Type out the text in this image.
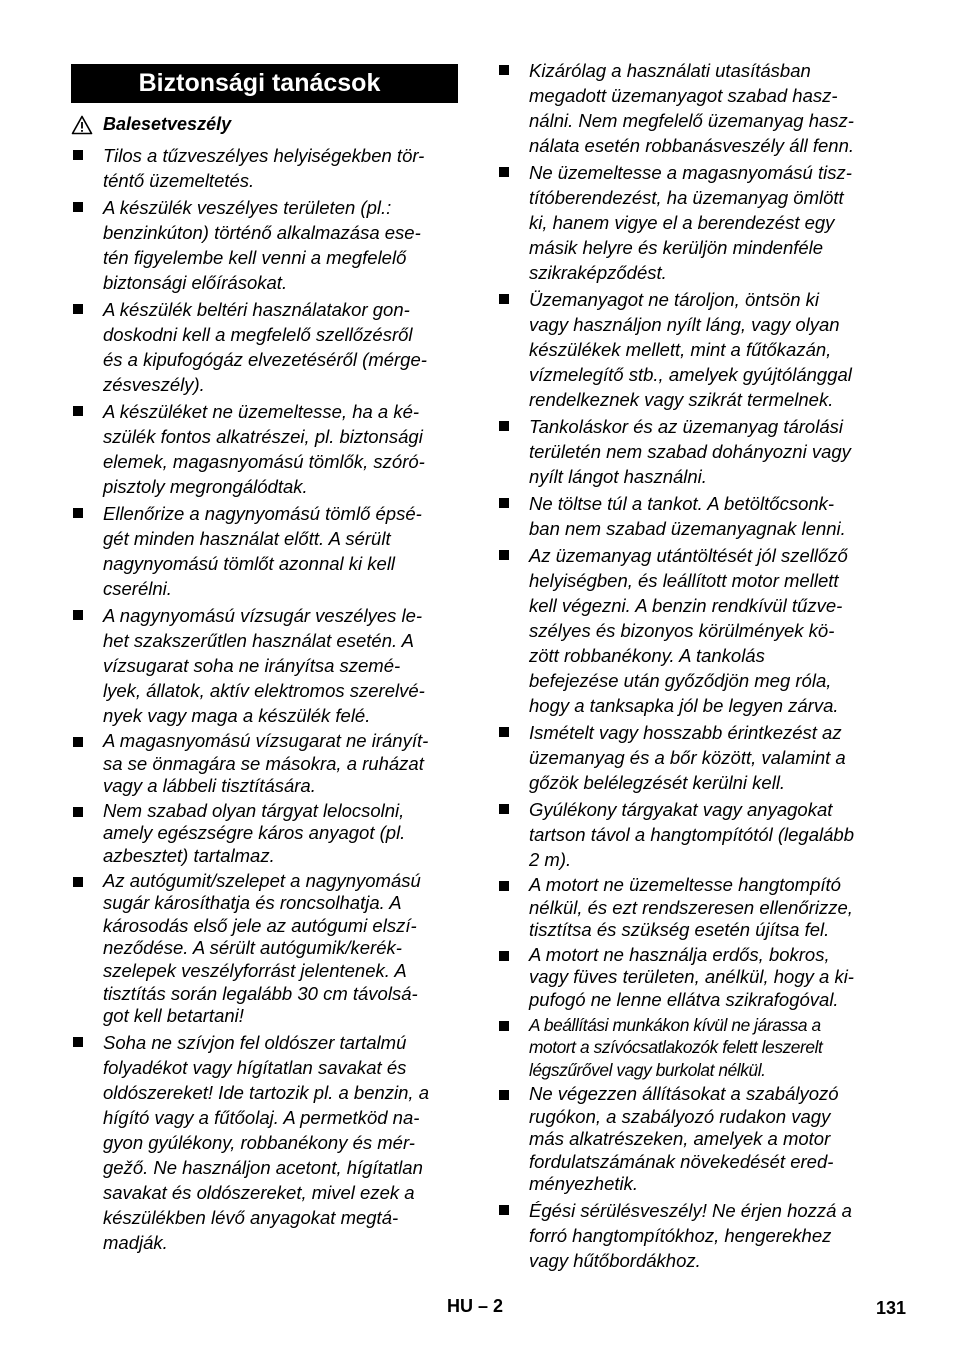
Biztonsági tanácsok
Balesetveszély
Tilos a tűzveszélyes helyiségekben tör-
téntő üzemeltetés.
A készülék veszélyes területen (pl.:
benzinkúton) történő alkalmazása ese-
tén figyelembe kell venni a megfelelő
biztonsági előírásokat.
A készülék beltéri használatakor gon-
doskodni kell a megfelelő szellőzésről
és a kipufogógáz elvezetéséről (mérge-
zésveszély).
A készüléket ne üzemeltesse, ha a ké-
szülék fontos alkatrészei, pl. biztonsági
elemek, magasnyomású tömlők, szóró-
pisztoly megrongálódtak.
Ellenőrize a nagynyomású tömlő épsé-
gét minden használat előtt. A sérült
nagynyomású tömlőt azonnal ki kell
cserélni.
A nagynyomású vízsugár veszélyes le-
het szakszerűtlen használat esetén. A
vízsugarat soha ne irányítsa szemé-
lyek, állatok, aktív elektromos szerelvé-
nyek vagy maga a készülék felé.
A magasnyomású vízsugarat ne irányít-
sa se önmagára se másokra, a ruházat
vagy a lábbeli tisztítására.
Nem szabad olyan tárgyat lelocsolni,
amely egészségre káros anyagot (pl.
azbesztet) tartalmaz.
Az autógumit/szelepet a nagynyomású
sugár károsíthatja és roncsolhatja. A
károsodás első jele az autógumi elszí-
neződése. A sérült autógumik/kerék-
szelepek veszélyforrást jelentenek. A
tisztítás során legalább 30 cm távolsá-
got kell betartani!
Soha ne szívjon fel oldószer tartalmú
folyadékot vagy hígítatlan savakat és
oldószereket! Ide tartozik pl. a benzin, a
hígító vagy a fűtőolaj. A permetköd na-
gyon gyúlékony, robbanékony és mér-
gežő. Ne használjon acetont, hígítatlan
savakat és oldószereket, mivel ezek a
készülékben lévő anyagokat megtá-
madják.
Kizárólag a használati utasításban
megadott üzemanyagot szabad hasz-
nálni. Nem megfelelő üzemanyag hasz-
nálata esetén robbanásveszély áll fenn.
Ne üzemeltesse a magasnyomású tisz-
títóberendezést, ha üzemanyag ömlött
ki, hanem vigye el a berendezést egy
másik helyre és kerüljön mindenféle
szikraképződést.
Üzemanyagot ne tároljon, öntsön ki
vagy használjon nyílt láng, vagy olyan
készülékek mellett, mint a fűtőkazán,
vízmelegítő stb., amelyek gyújtólánggal
rendelkeznek vagy szikrát termelnek.
Tankoláskor és az üzemanyag tárolási
területén nem szabad dohányozni vagy
nyílt lángot használni.
Ne töltse túl a tankot. A betöltőcsonk-
ban nem szabad üzemanyagnak lenni.
Az üzemanyag utántöltését jól szellőző
helyiségben, és leállított motor mellett
kell végezni. A benzin rendkívül tűzve-
szélyes és bizonyos körülmények kö-
zött robbanékony. A tankolás
befejezése után győződjön meg róla,
hogy a tanksapka jól be legyen zárva.
Ismételt vagy hosszabb érintkezést az
üzemanyag és a bőr között, valamint a
gőzök belélegzését kerülni kell.
Gyúlékony tárgyakat vagy anyagokat
tartson távol a hangtompítótól (legalább
2 m).
A motort ne üzemeltesse hangtompító
nélkül, és ezt rendszeresen ellenőrizze,
tisztítsa és szükség esetén újítsa fel.
A motort ne használja erdős, bokros,
vagy füves területen, anélkül, hogy a ki-
pufogó ne lenne ellátva szikrafogóval.
A beállítási munkákon kívül ne járassa a
motort a szívócsatlakozók felett leszerelt
légszűrővel vagy burkolat nélkül.
Ne végezzen állításokat a szabályozó
rugókon, a szabályozó rudakon vagy
más alkatrészeken, amelyek a motor
fordulatszámának növekedését ered-
ményezhetik.
Égési sérülésveszély! Ne érjen hozzá a
forró hangtompítókhoz, hengerekhez
vagy hűtőbordákhoz.
HU – 2	131
